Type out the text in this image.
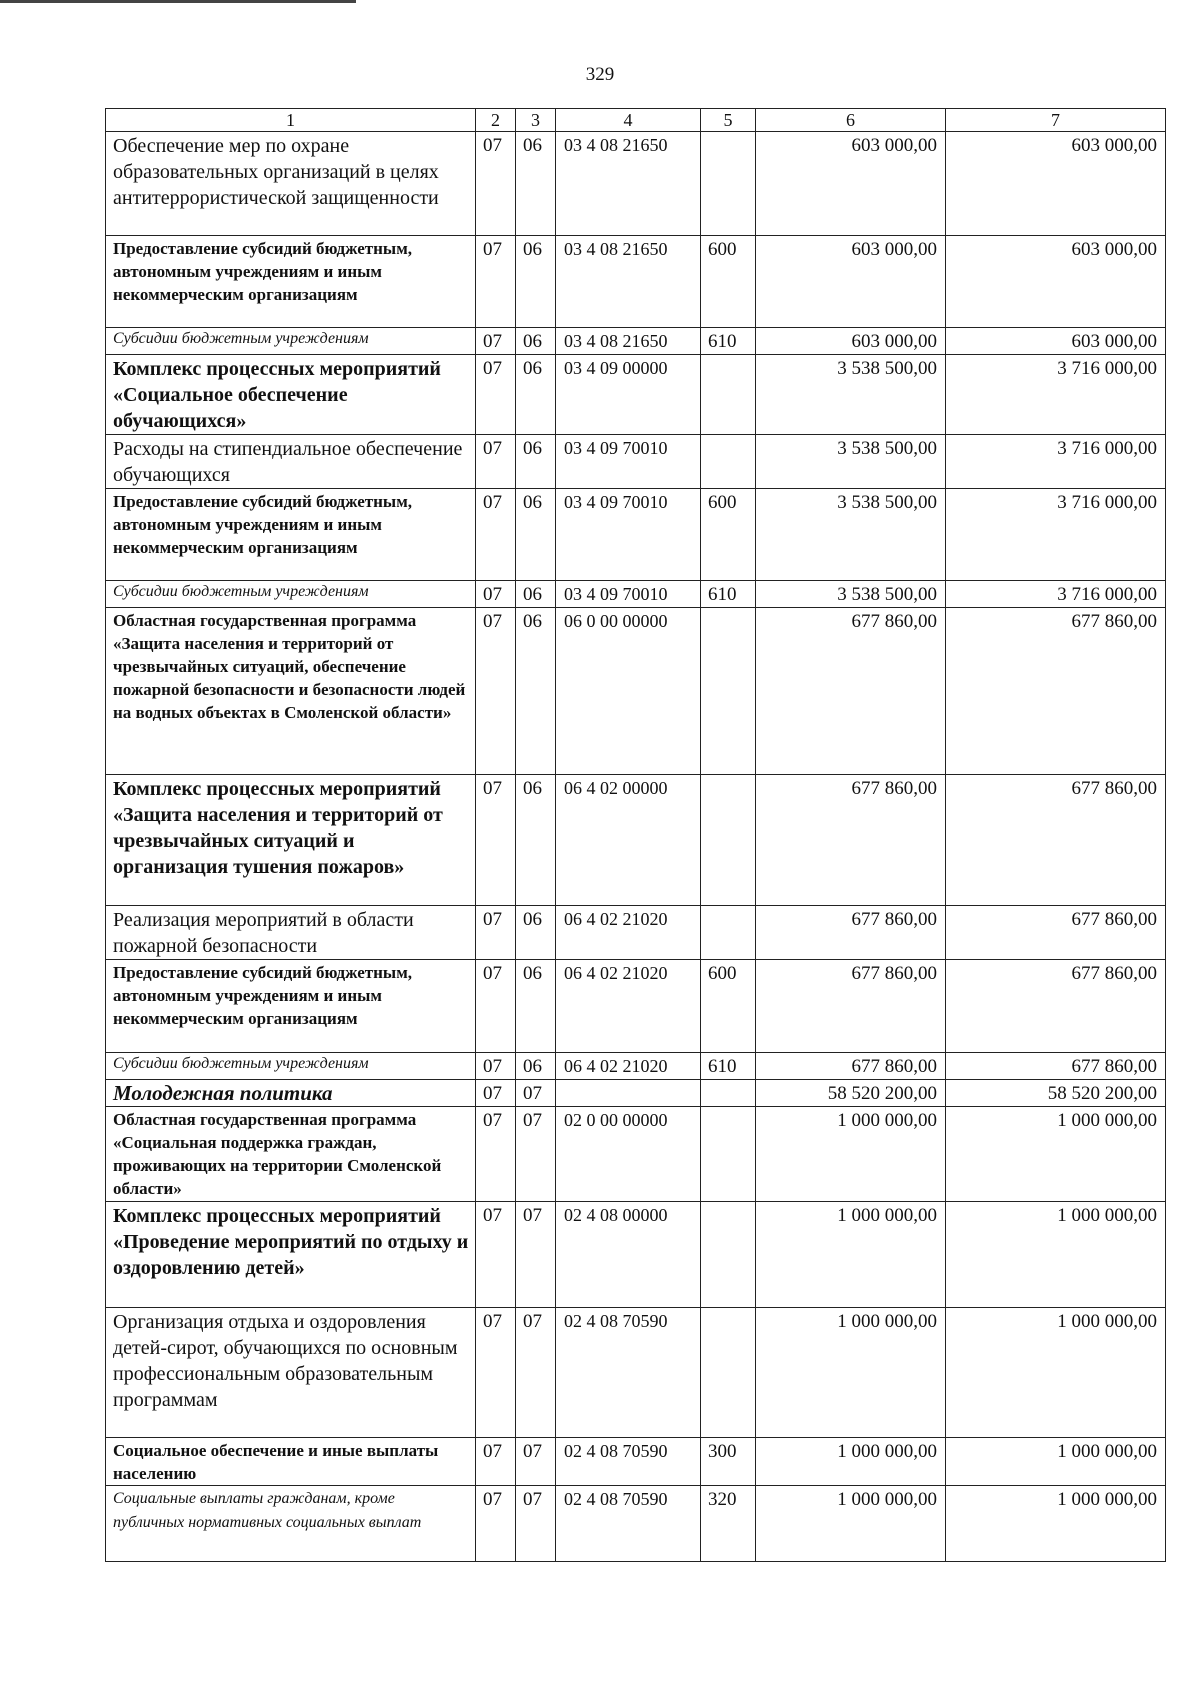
329
1	2	3	4	5	6	7
Обеспечение мер по охране образовательных организаций в целях антитеррористической защищенности	07	06	03 4 08 21650		603 000,00	603 000,00
Предоставление субсидий бюджетным, автономным учреждениям и иным некоммерческим организациям	07	06	03 4 08 21650	600	603 000,00	603 000,00
Субсидии бюджетным учреждениям	07	06	03 4 08 21650	610	603 000,00	603 000,00
Комплекс процессных мероприятий «Социальное обеспечение обучающихся»	07	06	03 4 09 00000		3 538 500,00	3 716 000,00
Расходы на стипендиальное обеспечение обучающихся	07	06	03 4 09 70010		3 538 500,00	3 716 000,00
Предоставление субсидий бюджетным, автономным учреждениям и иным некоммерческим организациям	07	06	03 4 09 70010	600	3 538 500,00	3 716 000,00
Субсидии бюджетным учреждениям	07	06	03 4 09 70010	610	3 538 500,00	3 716 000,00
Областная государственная программа «Защита населения и территорий от чрезвычайных ситуаций, обеспечение пожарной безопасности и безопасности людей на водных объектах в Смоленской области»	07	06	06 0 00 00000		677 860,00	677 860,00
Комплекс процессных мероприятий «Защита населения и территорий от чрезвычайных ситуаций и организация тушения пожаров»	07	06	06 4 02 00000		677 860,00	677 860,00
Реализация мероприятий в области пожарной безопасности	07	06	06 4 02 21020		677 860,00	677 860,00
Предоставление субсидий бюджетным, автономным учреждениям и иным некоммерческим организациям	07	06	06 4 02 21020	600	677 860,00	677 860,00
Субсидии бюджетным учреждениям	07	06	06 4 02 21020	610	677 860,00	677 860,00
Молодежная политика	07	07			58 520 200,00	58 520 200,00
Областная государственная программа «Социальная поддержка граждан, проживающих на территории Смоленской области»	07	07	02 0 00 00000		1 000 000,00	1 000 000,00
Комплекс процессных мероприятий «Проведение мероприятий по отдыху и оздоровлению детей»	07	07	02 4 08 00000		1 000 000,00	1 000 000,00
Организация отдыха и оздоровления детей-сирот, обучающихся по основным профессиональным образовательным программам	07	07	02 4 08 70590		1 000 000,00	1 000 000,00
Социальное обеспечение и иные выплаты населению	07	07	02 4 08 70590	300	1 000 000,00	1 000 000,00
Социальные выплаты гражданам, кроме публичных нормативных социальных выплат	07	07	02 4 08 70590	320	1 000 000,00	1 000 000,00
